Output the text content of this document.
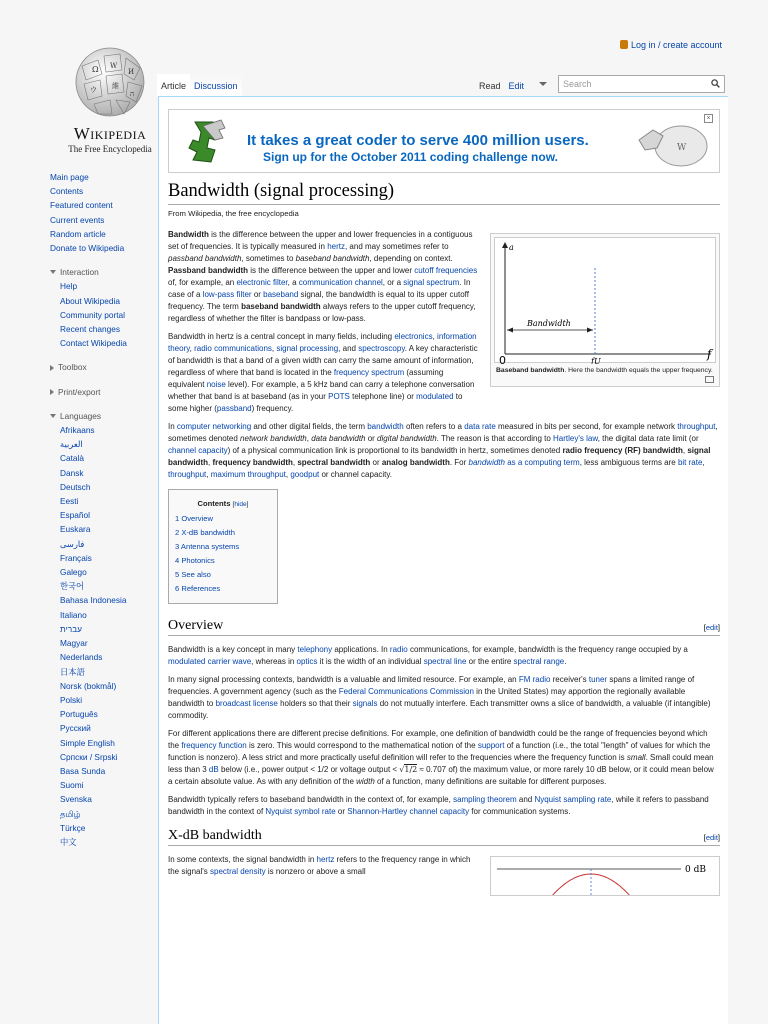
Log in / create account
Ω W
И
ウ 維
ה
Wikipedia
The Free Encyclopedia
Main page
Contents
Featured content
Current events
Random article
Donate to Wikipedia
Interaction
Help
About Wikipedia
Community portal
Recent changes
Contact Wikipedia
Toolbox
Print/export
Languages
Afrikaans
العربية
Català
Dansk
Deutsch
Eesti
Español
Euskara
فارسی
Français
Galego
한국어
Bahasa Indonesia
Italiano
עברית
Magyar
Nederlands
日本語
Norsk (bokmål)
Polski
Português
Русский
Simple English
Српски / Srpski
Basa Sunda
Suomi
Svenska
தமிழ்
Türkçe
中文
Article Discussion	Read Edit	Search
It takes a great coder to serve 400 million users.
Sign up for the October 2011 coding challenge now.
W
×
Bandwidth (signal processing)
From Wikipedia, the free encyclopedia
a
Bandwidth
0	fU
f
Baseband bandwidth. Here the bandwidth equals the upper frequency.

Bandwidth is the difference between the upper and lower frequencies in a contiguous set of frequencies. It is typically measured in hertz, and may sometimes refer to passband bandwidth, sometimes to baseband bandwidth, depending on context. Passband bandwidth is the difference between the upper and lower cutoff frequencies of, for example, an electronic filter, a communication channel, or a signal spectrum. In case of a low-pass filter or baseband signal, the bandwidth is equal to its upper cutoff frequency. The term baseband bandwidth always refers to the upper cutoff frequency, regardless of whether the filter is bandpass or low-pass.

Bandwidth in hertz is a central concept in many fields, including electronics, information theory, radio communications, signal processing, and spectroscopy. A key characteristic of bandwidth is that a band of a given width can carry the same amount of information, regardless of where that band is located in the frequency spectrum (assuming equivalent noise level). For example, a 5 kHz band can carry a telephone conversation whether that band is at baseband (as in your POTS telephone line) or modulated to some higher (passband) frequency.

In computer networking and other digital fields, the term bandwidth often refers to a data rate measured in bits per second, for example network throughput, sometimes denoted network bandwidth, data bandwidth or digital bandwidth. The reason is that according to Hartley's law, the digital data rate limit (or channel capacity) of a physical communication link is proportional to its bandwidth in hertz, sometimes denoted radio frequency (RF) bandwidth, signal bandwidth, frequency bandwidth, spectral bandwidth or analog bandwidth. For bandwidth as a computing term, less ambiguous terms are bit rate, throughput, maximum throughput, goodput or channel capacity.

Contents [hide]
1 Overview
2 X-dB bandwidth
3 Antenna systems
4 Photonics
5 See also
6 References
Overview	[edit]

Bandwidth is a key concept in many telephony applications. In radio communications, for example, bandwidth is the frequency range occupied by a modulated carrier wave, whereas in optics it is the width of an individual spectral line or the entire spectral range.

In many signal processing contexts, bandwidth is a valuable and limited resource. For example, an FM radio receiver's tuner spans a limited range of frequencies. A government agency (such as the Federal Communications Commission in the United States) may apportion the regionally available bandwidth to broadcast license holders so that their signals do not mutually interfere. Each transmitter owns a slice of bandwidth, a valuable (if intangible) commodity.

For different applications there are different precise definitions. For example, one definition of bandwidth could be the range of frequencies beyond which the frequency function is zero. This would correspond to the mathematical notion of the support of a function (i.e., the total "length" of values for which the function is nonzero). A less strict and more practically useful definition will refer to the frequencies where the frequency function is small. Small could mean less than 3 dB below (i.e., power output < 1/2 or voltage output < √1/2 ≈ 0.707 of) the maximum value, or more rarely 10 dB below, or it could mean below a certain absolute value. As with any definition of the width of a function, many definitions are suitable for different purposes.

Bandwidth typically refers to baseband bandwidth in the context of, for example, sampling theorem and Nyquist sampling rate, while it refers to passband bandwidth in the context of Nyquist symbol rate or Shannon-Hartley channel capacity for communication systems.

X-dB bandwidth	[edit]
0 dB

In some contexts, the signal bandwidth in hertz refers to the frequency range in which the signal's spectral density is nonzero or above a small
